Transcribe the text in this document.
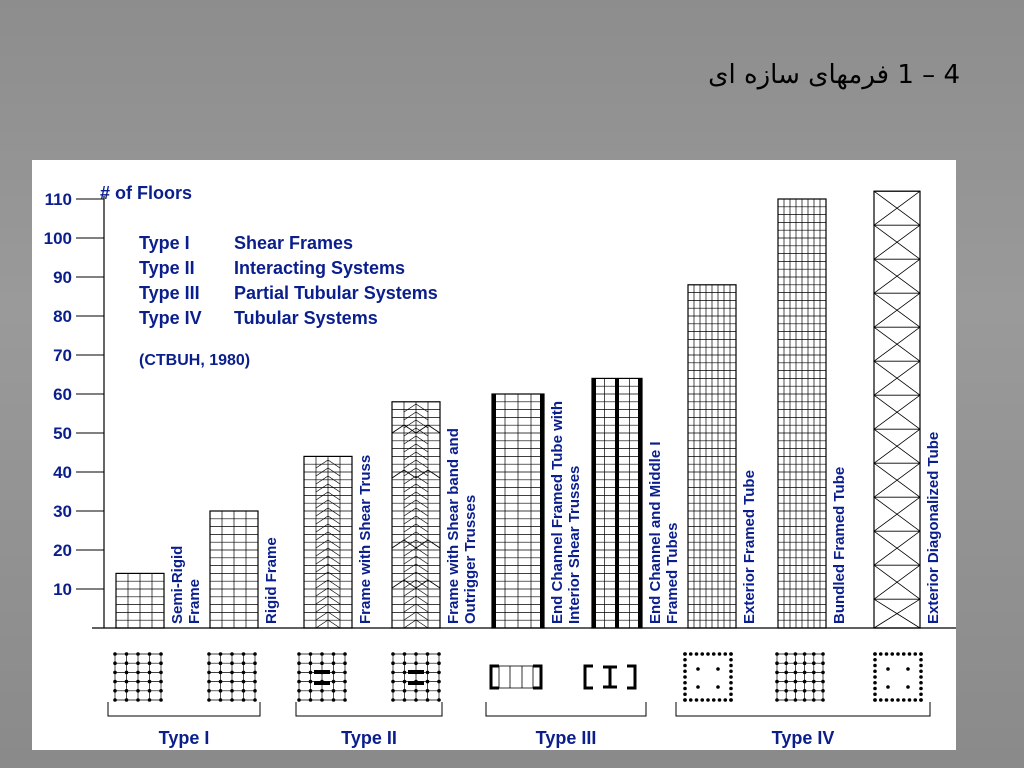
4 – 1 فرمهای سازه ای
# of Floors
10
20
30
40
50
60
70
80
90
100
110
Type I Shear Frames
Type II Interacting Systems
Type III Partial Tubular Systems
Type IV Tubular Systems
(CTBUH, 1980)
Semi-Rigid Frame	Rigid Frame	Frame with Shear Truss	Frame with Shear band and Outrigger Trusses	End Channel Framed Tube with Interior Shear Trusses	End Channel and Middle I Framed Tubes	Exterior Framed Tube	Bundled Framed Tube	Exterior Diagonalized Tube
Type I	Type II	Type III	Type IV
